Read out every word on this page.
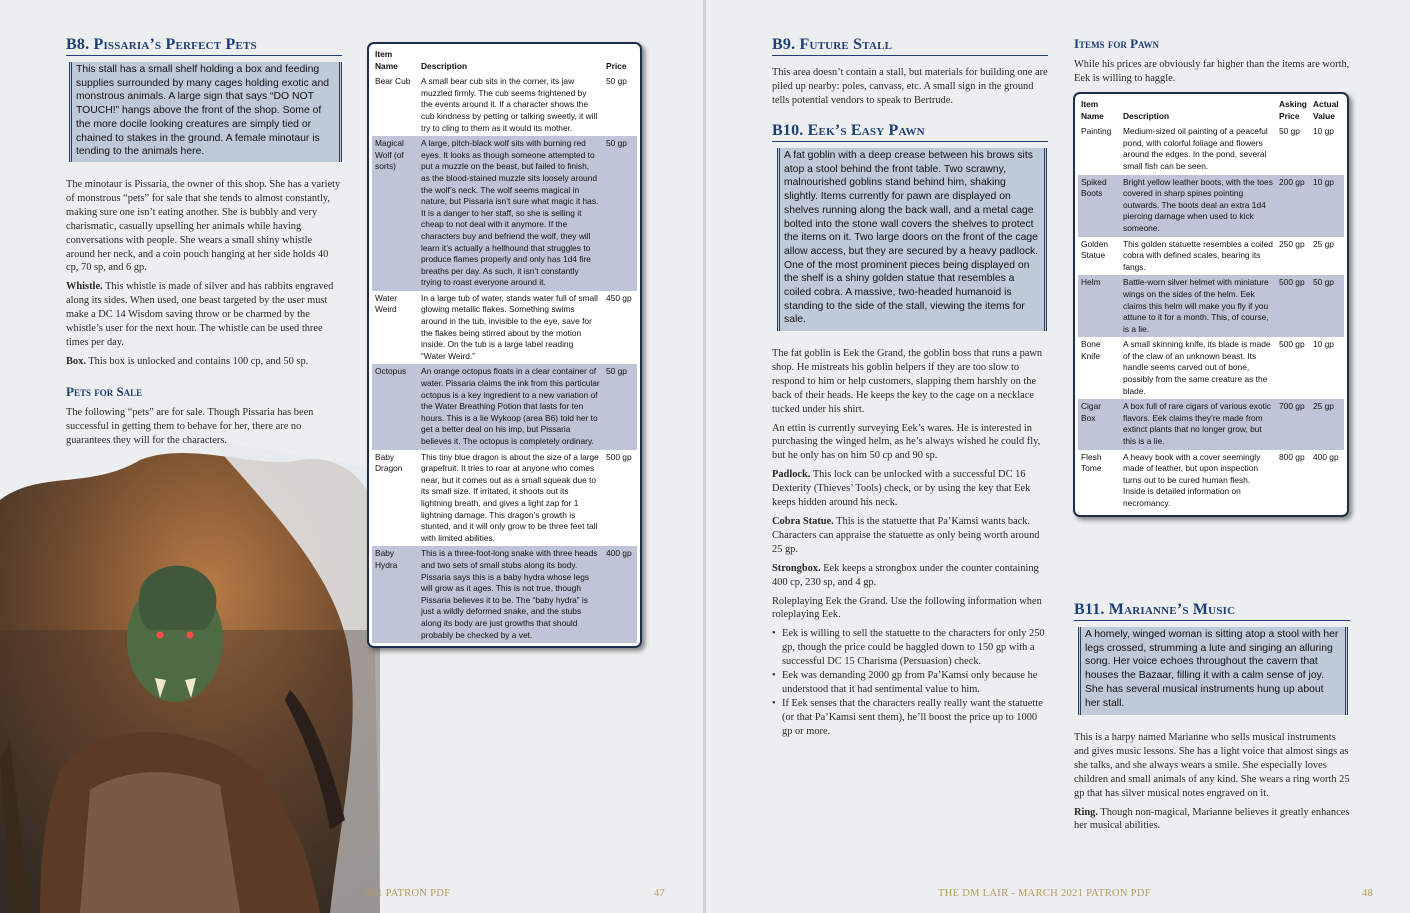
B8. Pissaria’s Perfect Pets
This stall has a small shelf holding a box and feeding supplies surrounded by many cages holding exotic and monstrous animals. A large sign that says “DO NOT TOUCH!” hangs above the front of the shop. Some of the more docile looking creatures are simply tied or chained to stakes in the ground. A female minotaur is tending to the animals here.

The minotaur is Pissaria, the owner of this shop. She has a variety of monstrous “pets” for sale that she tends to almost constantly, making sure one isn’t eating another. She is bubbly and very charismatic, casually upselling her animals while having conversations with people. She wears a small shiny whistle around her neck, and a coin pouch hanging at her side holds 40 cp, 70 sp, and 6 gp.

Whistle. This whistle is made of silver and has rabbits engraved along its sides. When used, one beast targeted by the user must make a DC 14 Wisdom saving throw or be charmed by the whistle’s user for the next hour. The whistle can be used three times per day.

Box. This box is unlocked and contains 100 cp, and 50 sp.

Pets for Sale
The following “pets” are for sale. Though Pissaria has been successful in getting them to behave for her, there are no guarantees they will for the characters.
Item Name	Description	Price
Bear Cub	A small bear cub sits in the corner, its jaw muzzled firmly. The cub seems frightened by the events around it. If a character shows the cub kindness by petting or talking sweetly, it will try to cling to them as it would its mother.	50 gp
Magical Wolf (of sorts)	A large, pitch-black wolf sits with burning red eyes. It looks as though someone attempted to put a muzzle on the beast, but failed to finish, as the blood-stained muzzle sits loosely around the wolf’s neck. The wolf seems magical in nature, but Pissaria isn’t sure what magic it has. It is a danger to her staff, so she is selling it cheap to not deal with it anymore. If the characters buy and befriend the wolf, they will learn it’s actually a hellhound that struggles to produce flames properly and only has 1d4 fire breaths per day. As such, it isn’t constantly trying to roast everyone around it.	50 gp
Water Weird	In a large tub of water, stands water full of small glowing metallic flakes. Something swims around in the tub, invisible to the eye, save for the flakes being stirred about by the motion inside. On the tub is a large label reading “Water Weird.”	450 gp
Octopus	An orange octopus floats in a clear container of water. Pissaria claims the ink from this particular octopus is a key ingredient to a new variation of the Water Breathing Potion that lasts for ten hours. This is a lie Wykoop (area B6) told her to get a better deal on his imp, but Pissaria believes it. The octopus is completely ordinary.	50 gp
Baby Dragon	This tiny blue dragon is about the size of a large grapefruit. It tries to roar at anyone who comes near, but it comes out as a small squeak due to its small size. If irritated, it shoots out its lightning breath, and gives a light zap for 1 lightning damage. This dragon’s growth is stunted, and it will only grow to be three feet tall with limited abilities.	500 gp
Baby Hydra	This is a three-foot-long snake with three heads and two sets of small stubs along its body. Pissaria says this is a baby hydra whose legs will grow as it ages. This is not true, though Pissaria believes it to be. The “baby hydra” is just a wildly deformed snake, and the stubs along its body are just growths that should probably be checked by a vet.	400 gp
021 PATRON PDF	47
B9. Future Stall
This area doesn’t contain a stall, but materials for building one are piled up nearby: poles, canvass, etc. A small sign in the ground tells potential vendors to speak to Bertrude.
B10. Eek’s Easy Pawn
A fat goblin with a deep crease between his brows sits atop a stool behind the front table. Two scrawny, malnourished goblins stand behind him, shaking slightly. Items currently for pawn are displayed on shelves running along the back wall, and a metal cage bolted into the stone wall covers the shelves to protect the items on it. Two large doors on the front of the cage allow access, but they are secured by a heavy padlock. One of the most prominent pieces being displayed on the shelf is a shiny golden statue that resembles a coiled cobra. A massive, two-headed humanoid is standing to the side of the stall, viewing the items for sale.

The fat goblin is Eek the Grand, the goblin boss that runs a pawn shop. He mistreats his goblin helpers if they are too slow to respond to him or help customers, slapping them harshly on the back of their heads. He keeps the key to the cage on a necklace tucked under his shirt.

An ettin is currently surveying Eek’s wares. He is interested in purchasing the winged helm, as he’s always wished he could fly, but he only has on him 50 cp and 90 sp.

Padlock. This lock can be unlocked with a successful DC 16 Dexterity (Thieves’ Tools) check, or by using the key that Eek keeps hidden around his neck.

Cobra Statue. This is the statuette that Pa’Kamsi wants back. Characters can appraise the statuette as only being worth around 25 gp.

Strongbox. Eek keeps a strongbox under the counter containing 400 cp, 230 sp, and 4 gp.

Roleplaying Eek the Grand. Use the following information when roleplaying Eek.

• Eek is willing to sell the statuette to the characters for only 250 gp, though the price could be haggled down to 150 gp with a successful DC 15 Charisma (Persuasion) check.
• Eek was demanding 2000 gp from Pa’Kamsi only because he understood that it had sentimental value to him.
• If Eek senses that the characters really really want the statuette (or that Pa’Kamsi sent them), he’ll boost the price up to 1000 gp or more.
Items for Pawn
While his prices are obviously far higher than the items are worth, Eek is willing to haggle.
Item Name	Description	Asking Price	Actual Value
Painting	Medium-sized oil painting of a peaceful pond, with colorful foliage and flowers around the edges. In the pond, several small fish can be seen.	50 gp	10 gp
Spiked Boots	Bright yellow leather boots, with the toes covered in sharp spines pointing outwards. The boots deal an extra 1d4 piercing damage when used to kick someone.	200 gp	10 gp
Golden Statue	This golden statuette resembles a coiled cobra with defined scales, bearing its fangs.	250 gp	25 gp
Helm	Battle-worn silver helmet with miniature wings on the sides of the helm. Eek claims this helm will make you fly if you attune to it for a month. This, of course, is a lie.	500 gp	50 gp
Bone Knife	A small skinning knife, its blade is made of the claw of an unknown beast. Its handle seems carved out of bone, possibly from the same creature as the blade.	500 gp	10 gp
Cigar Box	A box full of rare cigars of various exotic flavors. Eek claims they’re made from extinct plants that no longer grow, but this is a lie.	700 gp	25 gp
Flesh Tome	A heavy book with a cover seemingly made of leather, but upon inspection turns out to be cured human flesh. Inside is detailed information on necromancy.	800 gp	400 gp
B11. Marianne’s Music
A homely, winged woman is sitting atop a stool with her legs crossed, strumming a lute and singing an alluring song. Her voice echoes throughout the cavern that houses the Bazaar, filling it with a calm sense of joy. She has several musical instruments hung up about her stall.

This is a harpy named Marianne who sells musical instruments and gives music lessons. She has a light voice that almost sings as she talks, and she always wears a smile. She especially loves children and small animals of any kind. She wears a ring worth 25 gp that has silver musical notes engraved on it.

Ring. Though non-magical, Marianne believes it greatly enhances her musical abilities.

THE DM LAIR - MARCH 2021 PATRON PDF	48
